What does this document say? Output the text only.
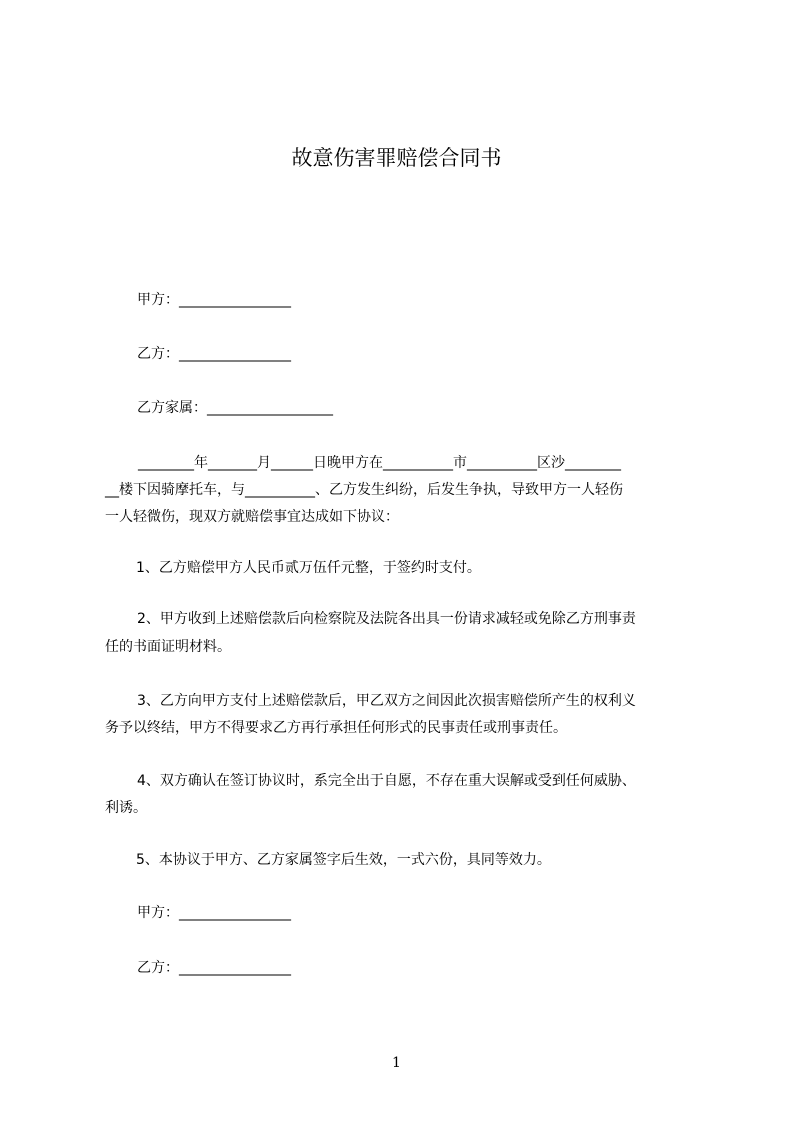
故意伤害罪赔偿合同书
甲方：________________
乙方：________________
乙方家属：__________________
________年_______月______日晚甲方在__________市__________区沙________
__楼下因骑摩托车，与__________、乙方发生纠纷，后发生争执，导致甲方一人轻伤
一人轻微伤，现双方就赔偿事宜达成如下协议：
1、乙方赔偿甲方人民币贰万伍仟元整，于签约时支付。
2、甲方收到上述赔偿款后向检察院及法院各出具一份请求减轻或免除乙方刑事责
任的书面证明材料。
3、乙方向甲方支付上述赔偿款后，甲乙双方之间因此次损害赔偿所产生的权利义
务予以终结，甲方不得要求乙方再行承担任何形式的民事责任或刑事责任。
4、双方确认在签订协议时，系完全出于自愿，不存在重大误解或受到任何威胁、
利诱。
5、本协议于甲方、乙方家属签字后生效，一式六份，具同等效力。
甲方：________________
乙方：________________
1
